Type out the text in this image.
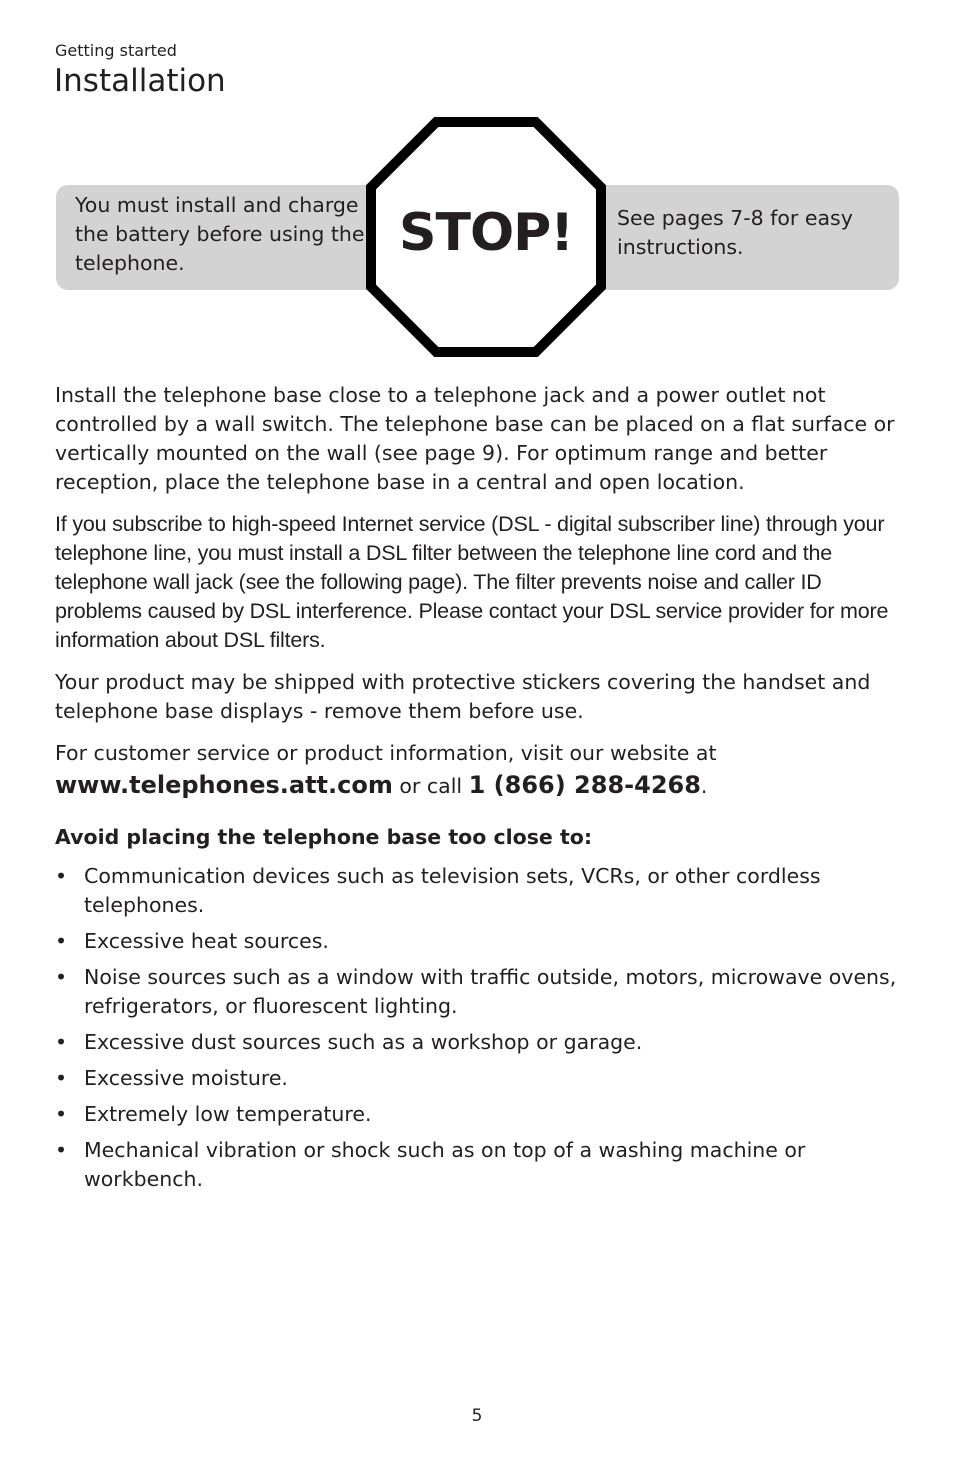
Getting started
Installation
You must install and charge the battery before using the telephone.
See pages 7-8 for easy instructions.
STOP!

Install the telephone base close to a telephone jack and a power outlet not controlled by a wall switch. The telephone base can be placed on a flat surface or vertically mounted on the wall (see page 9). For optimum range and better reception, place the telephone base in a central and open location.

If you subscribe to high-speed Internet service (DSL - digital subscriber line) through your telephone line, you must install a DSL filter between the telephone line cord and the telephone wall jack (see the following page). The filter prevents noise and caller ID problems caused by DSL interference. Please contact your DSL service provider for more information about DSL filters.

Your product may be shipped with protective stickers covering the handset and telephone base displays - remove them before use.

For customer service or product information, visit our website at
www.telephones.att.com or call 1 (866) 288-4268.
Avoid placing the telephone base too close to:
• Communication devices such as television sets, VCRs, or other cordless telephones.
• Excessive heat sources.
• Noise sources such as a window with traffic outside, motors, microwave ovens, refrigerators, or fluorescent lighting.
• Excessive dust sources such as a workshop or garage.
• Excessive moisture.
• Extremely low temperature.
• Mechanical vibration or shock such as on top of a washing machine or workbench.
5
